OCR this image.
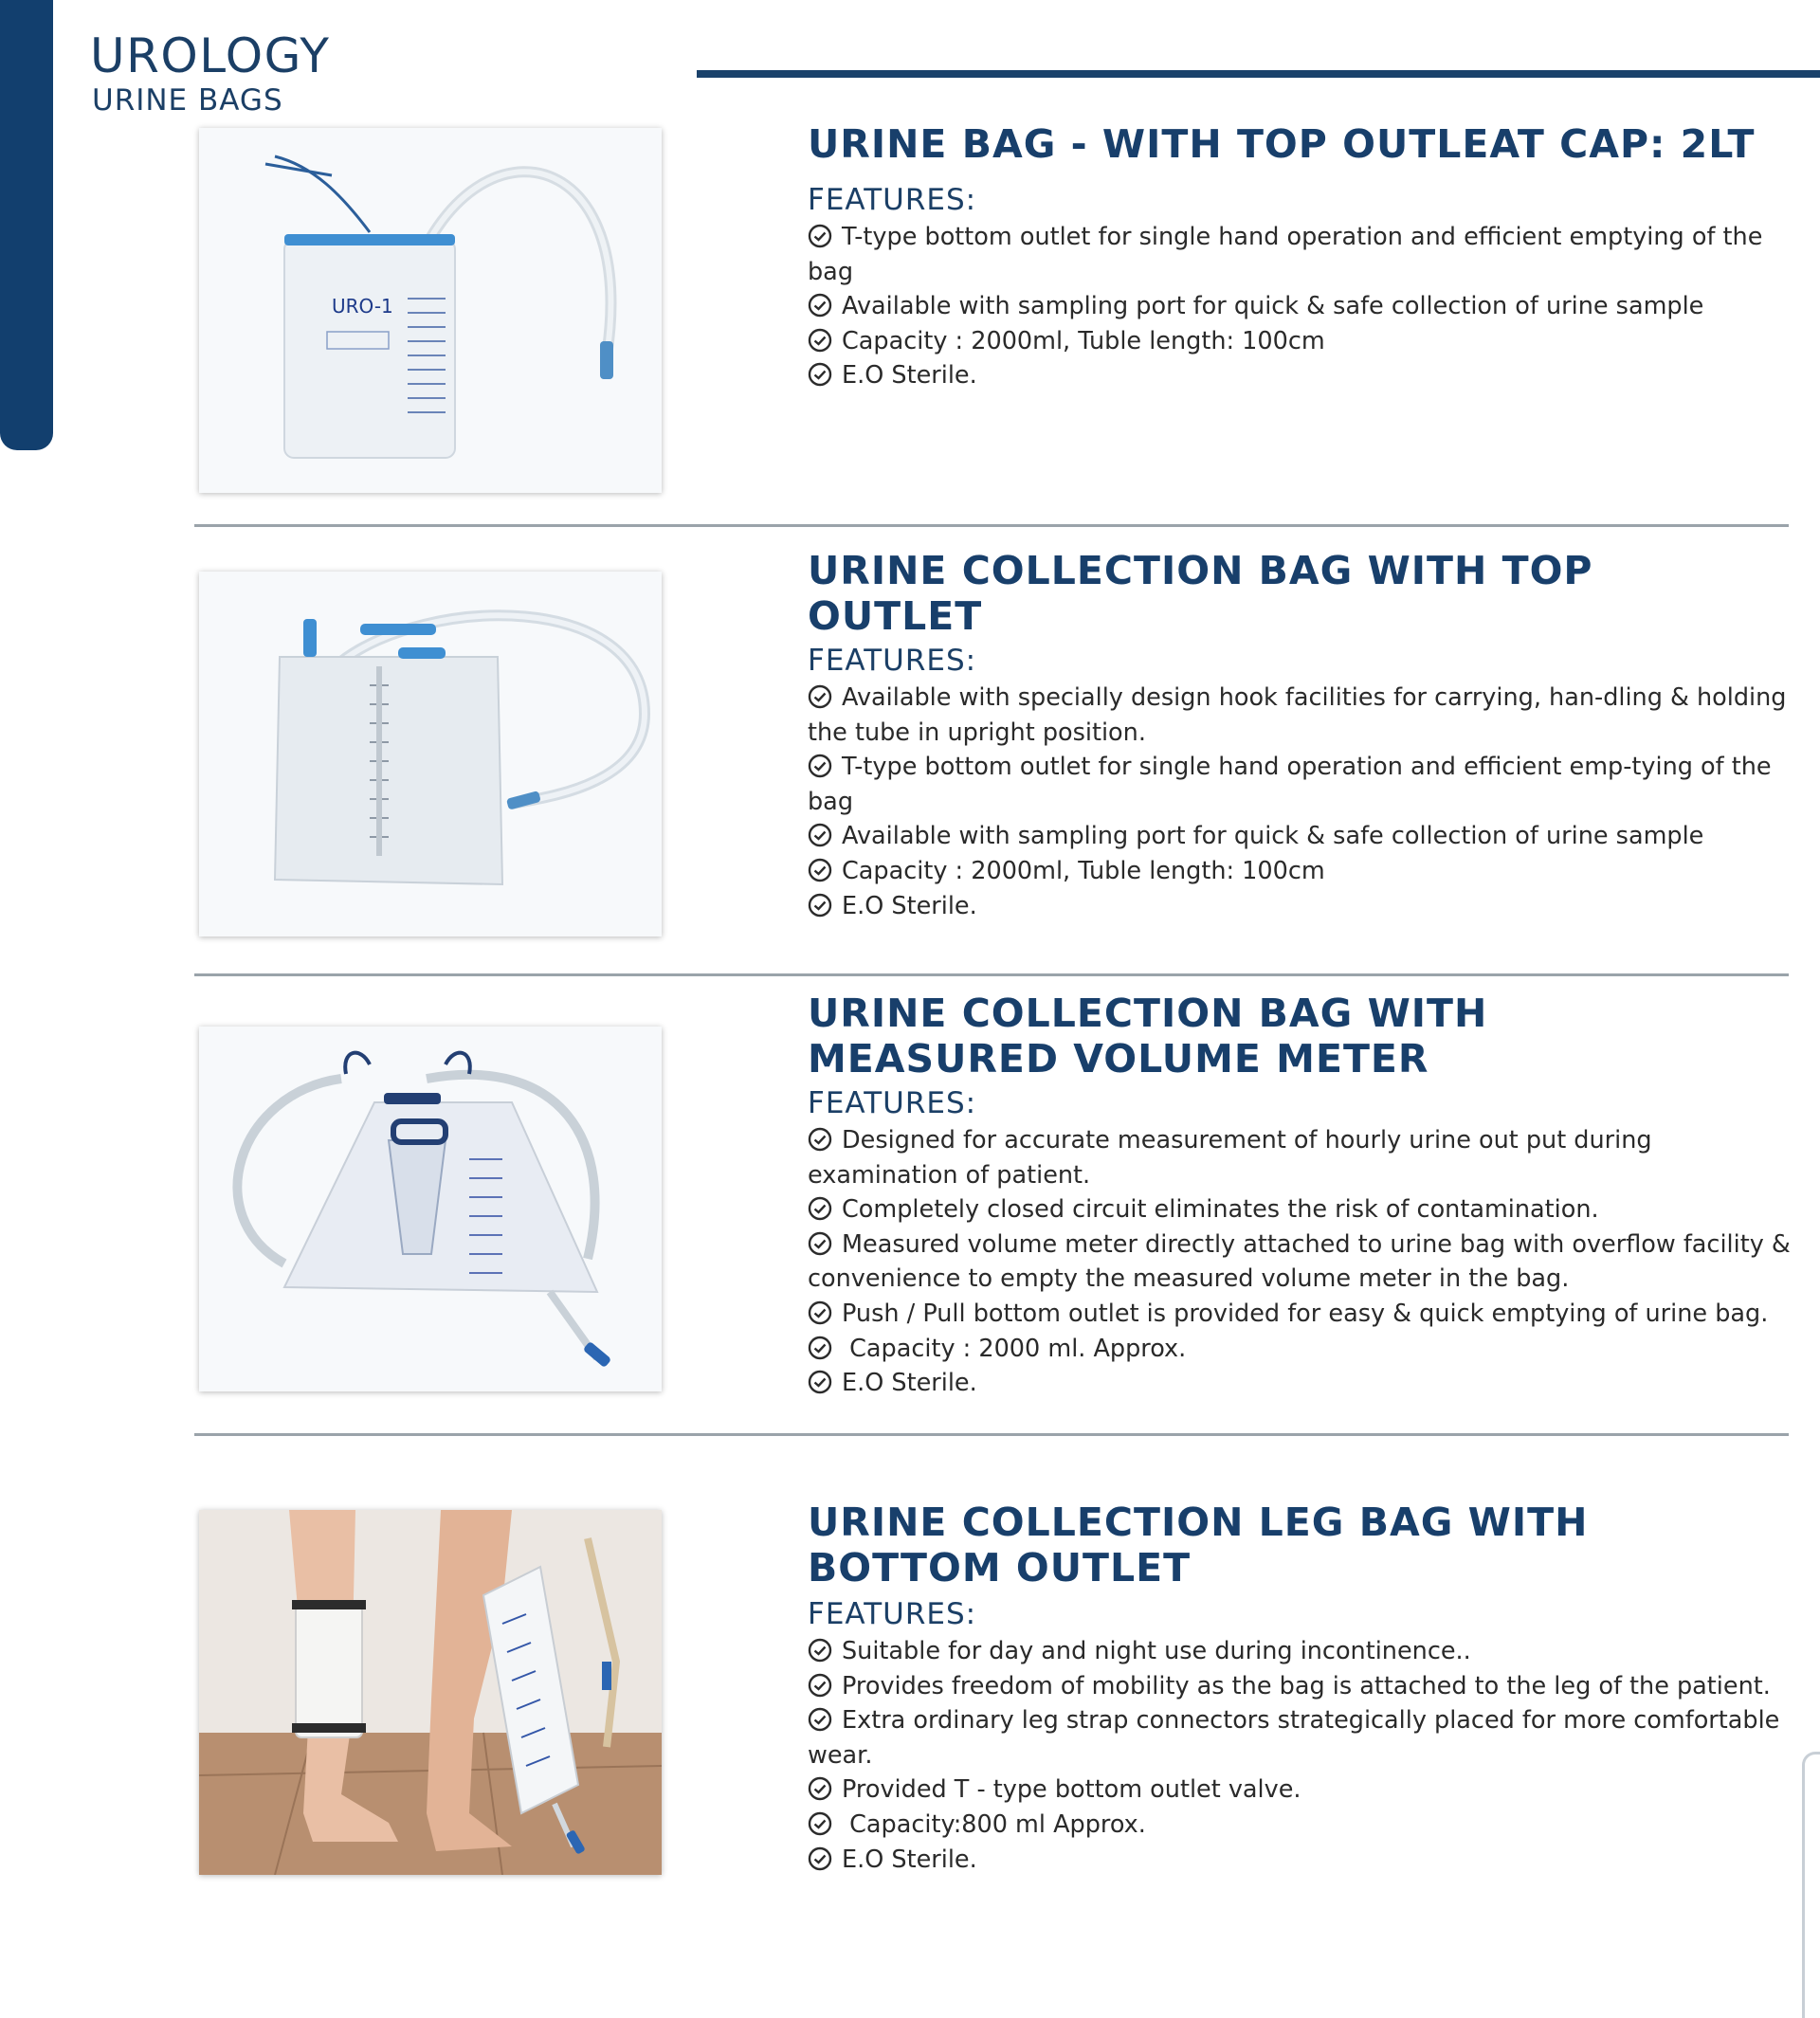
UROLOGY
URINE BAGS
URO-1
URINE BAG - WITH TOP OUTLEAT CAP: 2LT
FEATURES:
T-type bottom outlet for single hand operation and efficient emptying of the bag
Available with sampling port for quick & safe collection of urine sample
Capacity : 2000ml, Tuble length: 100cm
E.O Sterile.
URINE COLLECTION BAG WITH TOP
OUTLET
FEATURES:
Available with specially design hook facilities for carrying, han-dling & holding the tube in upright position.
T-type bottom outlet for single hand operation and efficient emp-tying of the bag
Available with sampling port for quick & safe collection of urine sample
Capacity : 2000ml, Tuble length: 100cm
E.O Sterile.
URINE COLLECTION BAG WITH
MEASURED VOLUME METER
FEATURES:
Designed for accurate measurement of hourly urine out put during examination of patient.
Completely closed circuit eliminates the risk of contamination.
Measured volume meter directly attached to urine bag with overflow facility & convenience to empty the measured volume meter in the bag.
Push / Pull bottom outlet is provided for easy & quick emptying of urine bag.
Capacity : 2000 ml. Approx.
E.O Sterile.
URINE COLLECTION LEG BAG WITH
BOTTOM OUTLET
FEATURES:
Suitable for day and night use during incontinence..
Provides freedom of mobility as the bag is attached to the leg of the patient.
Extra ordinary leg strap connectors strategically placed for more comfortable wear.
Provided T - type bottom outlet valve.
Capacity:800 ml Approx.
E.O Sterile.
